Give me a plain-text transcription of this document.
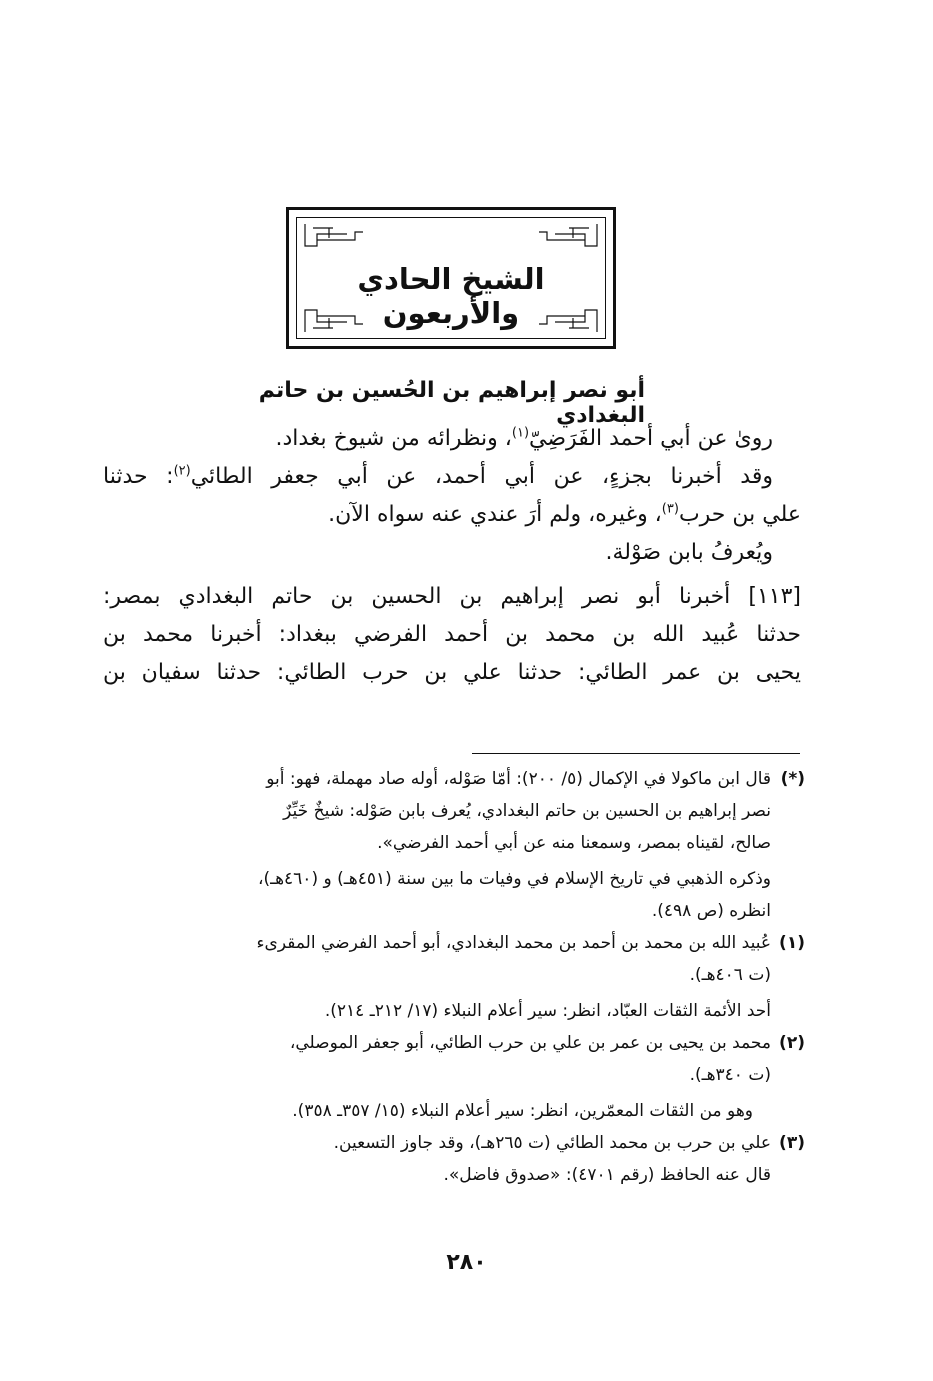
الشيخ الحادي والأربعون
أبو نصر إبراهيم بن الحُسين بن حاتم البغدادي
روىٰ عن أبي أحمد الفَرَضِيّ$^{(١)}$، ونظرائه من شيوخ بغداد.
وقد أخبرنا بجزءٍ، عن أبي أحمد، عن أبي جعفر الطائي$^{(٢)}$: حدثنا
علي بن حرب$^{(٣)}$، وغيره، ولم أرَ عندي عنه سواه الآن.
ويُعرفُ بابن صَوْلة.
[١١٣] أخبرنا أبو نصر إبراهيم بن الحسين بن حاتم البغدادي بمصر:
حدثنا عُبيد الله بن محمد بن أحمد الفرضي ببغداد: أخبرنا محمد بن
يحيى بن عمر الطائي: حدثنا علي بن حرب الطائي: حدثنا سفيان بن
(*)قال ابن ماكولا في الإكمال (٥/ ٢٠٠): أمّا صَوْله، أوله صاد مهملة، فهو: أبو
نصر إبراهيم بن الحسين بن حاتم البغدادي، يُعرف بابن صَوْله: شيخٌ خَيِّرٌ
صالح، لقيناه بمصر، وسمعنا منه عن أبي أحمد الفرضي».
وذكره الذهبي في تاريخ الإسلام في وفيات ما بين سنة (٤٥١هـ) و (٤٦٠هـ)،
انظره (ص ٤٩٨).
(١)عُبيد الله بن محمد بن أحمد بن محمد البغدادي، أبو أحمد الفرضي المقرىء
(ت ٤٠٦هـ).
أحد الأئمة الثقات العبّاد، انظر: سير أعلام النبلاء (١٧/ ٢١٢ـ ٢١٤).
(٢)محمد بن يحيى بن عمر بن علي بن حرب الطائي، أبو جعفر الموصلي،
(ت ٣٤٠هـ).
وهو من الثقات المعمّرين، انظر: سير أعلام النبلاء (١٥/ ٣٥٧ـ ٣٥٨).
(٣)علي بن حرب بن محمد الطائي (ت ٢٦٥هـ)، وقد جاوز التسعين.
قال عنه الحافظ (رقم ٤٧٠١): «صدوق فاضل».
٢٨٠
